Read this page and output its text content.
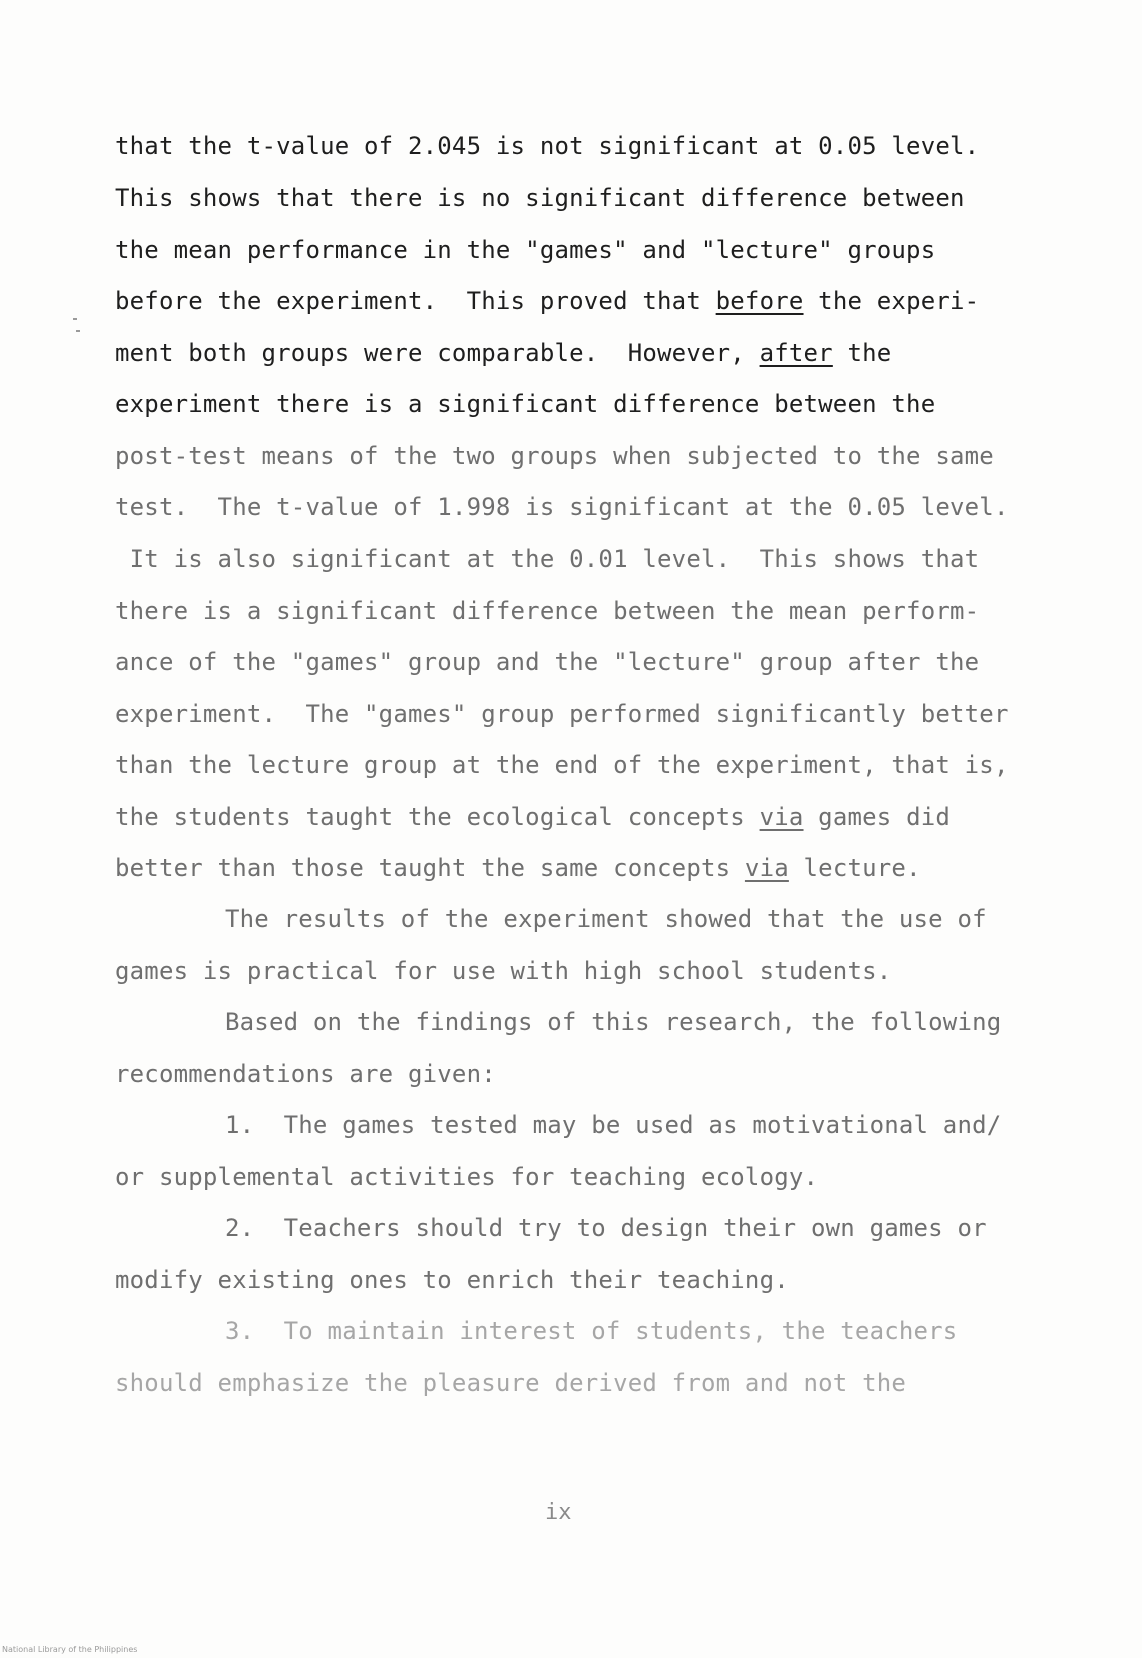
that the t-value of 2.045 is not significant at 0.05 level.
This shows that there is no significant difference between
the mean performance in the "games" and "lecture" groups
before the experiment.  This proved that before the experi-
ment both groups were comparable.  However, after the
experiment there is a significant difference between the
post-test means of the two groups when subjected to the same
test.  The t-value of 1.998 is significant at the 0.05 level.
It is also significant at the 0.01 level.  This shows that
there is a significant difference between the mean perform-
ance of the "games" group and the "lecture" group after the
experiment.  The "games" group performed significantly better
than the lecture group at the end of the experiment, that is,
the students taught the ecological concepts via games did
better than those taught the same concepts via lecture.
The results of the experiment showed that the use of
games is practical for use with high school students.
Based on the findings of this research, the following
recommendations are given:
1.  The games tested may be used as motivational and/
or supplemental activities for teaching ecology.
2.  Teachers should try to design their own games or
modify existing ones to enrich their teaching.
3.  To maintain interest of students, the teachers
should emphasize the pleasure derived from and not the
ix
National Library of the Philippines
